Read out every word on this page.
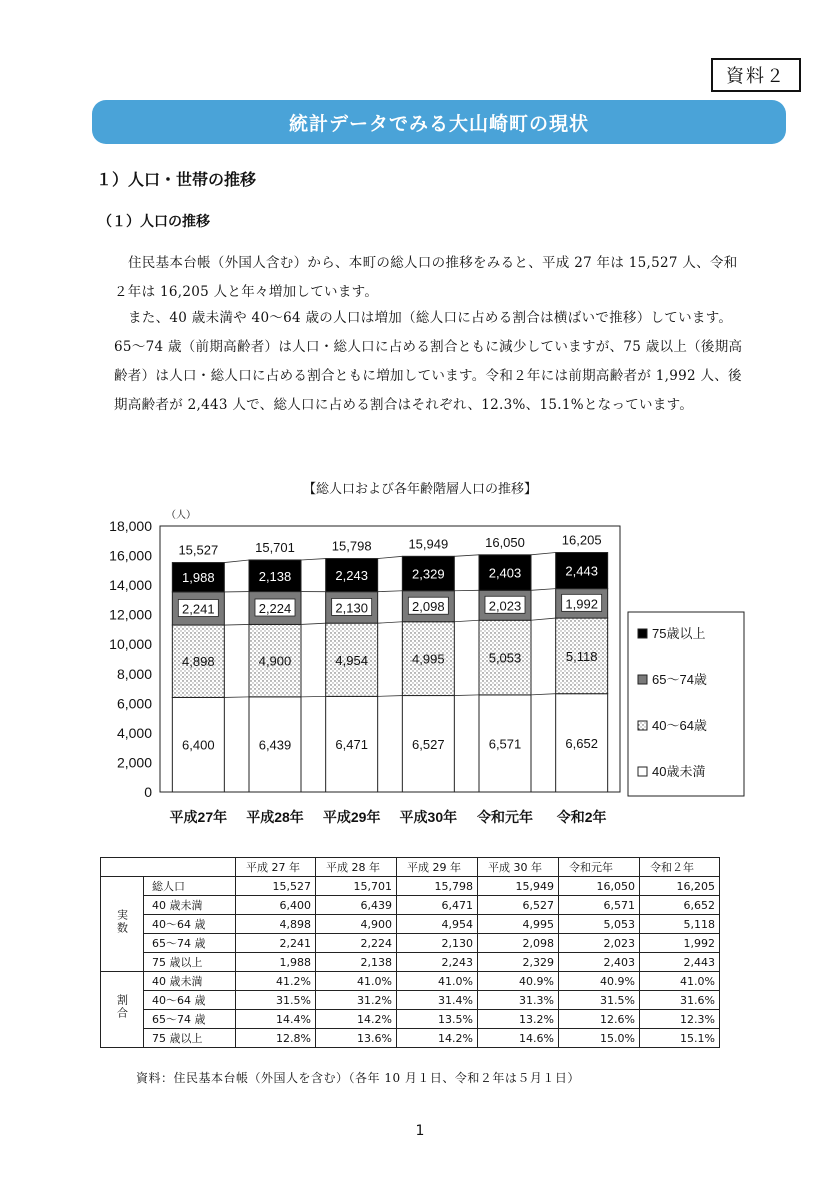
資料２
統計データでみる大山崎町の現状
１）人口・世帯の推移
（１）人口の推移
住民基本台帳（外国人含む）から、本町の総人口の推移をみると、平成 27 年は 15,527 人、令和２年は 16,205 人と年々増加しています。
また、40 歳未満や 40～64 歳の人口は増加（総人口に占める割合は横ばいで推移）しています。65～74 歳（前期高齢者）は人口・総人口に占める割合ともに減少していますが、75 歳以上（後期高齢者）は人口・総人口に占める割合ともに増加しています。令和２年には前期高齢者が 1,992 人、後期高齢者が 2,443 人で、総人口に占める割合はそれぞれ、12.3%、15.1%となっています。
【総人口および各年齢階層人口の推移】
0
2,000
4,000
6,000
8,000
10,000
12,000
14,000
16,000
18,000
（人）
6,400
4,898
2,241
1,988
15,527
平成27年
6,439
4,900
2,224
2,138
15,701
平成28年
6,471
4,954
2,130
2,243
15,798
平成29年
6,527
4,995
2,098
2,329
15,949
平成30年
6,571
5,053
2,023
2,403
16,050
令和元年
6,652
5,118
1,992
2,443
16,205
令和2年
75歳以上
65～74歳
40～64歳
40歳未満
		平成 27 年	平成 28 年	平成 29 年	平成 30 年	令和元年	令和２年
実数	総人口	15,527	15,701	15,798	15,949	16,050	16,205
	40 歳未満	6,400	6,439	6,471	6,527	6,571	6,652
	40～64 歳	4,898	4,900	4,954	4,995	5,053	5,118
	65～74 歳	2,241	2,224	2,130	2,098	2,023	1,992
	75 歳以上	1,988	2,138	2,243	2,329	2,403	2,443
割合	40 歳未満	41.2%	41.0%	41.0%	40.9%	40.9%	41.0%
	40～64 歳	31.5%	31.2%	31.4%	31.3%	31.5%	31.6%
	65～74 歳	14.4%	14.2%	13.5%	13.2%	12.6%	12.3%
	75 歳以上	12.8%	13.6%	14.2%	14.6%	15.0%	15.1%
資料：住民基本台帳（外国人を含む）（各年 10 月１日、令和２年は５月１日）
1
